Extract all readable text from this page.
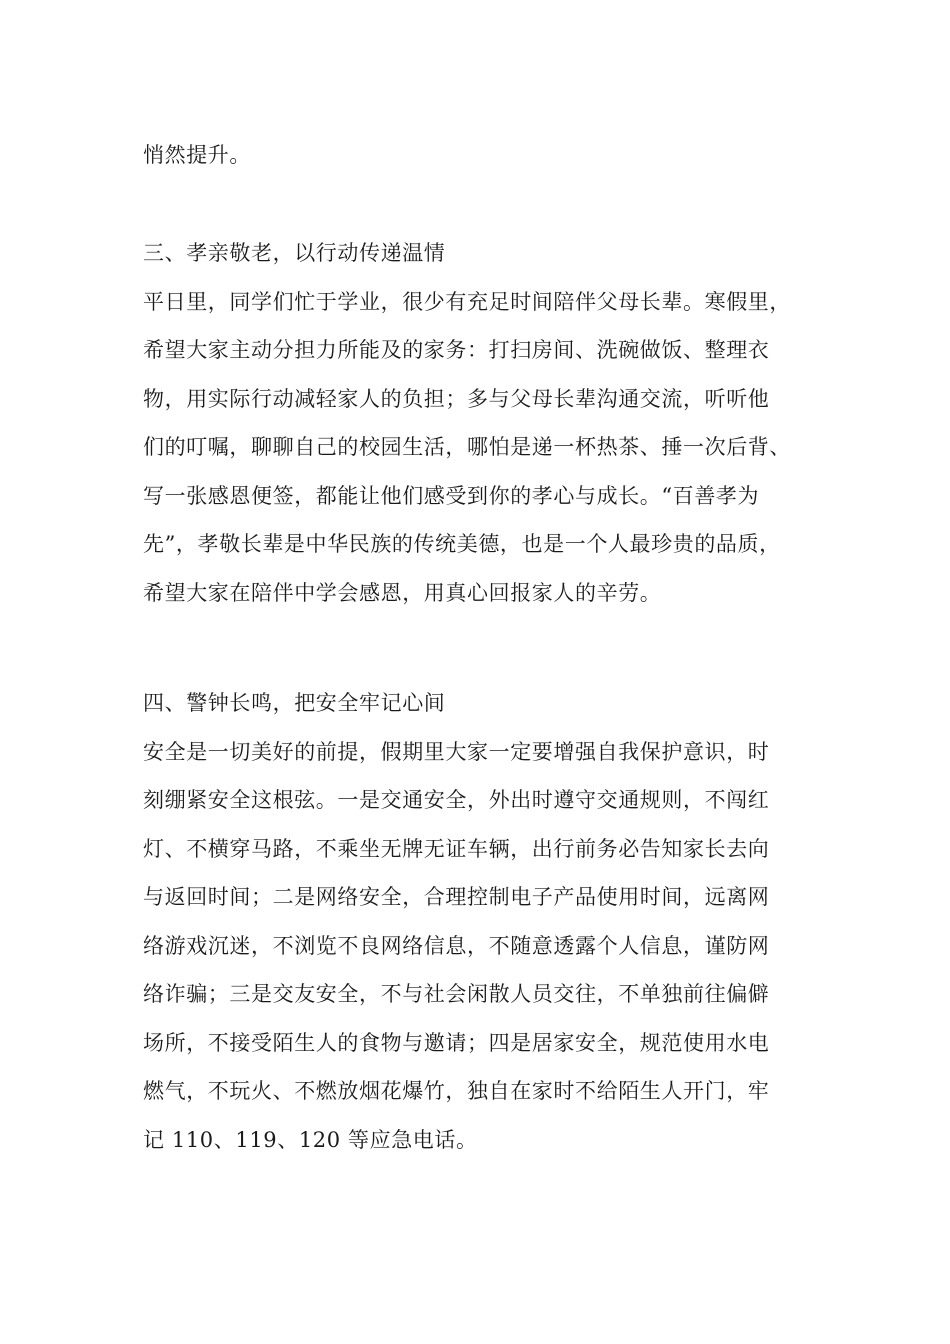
悄然提升。
三、孝亲敬老，以行动传递温情
平日里，同学们忙于学业，很少有充足时间陪伴父母长辈。寒假里，
希望大家主动分担力所能及的家务：打扫房间、洗碗做饭、整理衣
物，用实际行动减轻家人的负担；多与父母长辈沟通交流，听听他
们的叮嘱，聊聊自己的校园生活，哪怕是递一杯热茶、捶一次后背、
写一张感恩便签，都能让他们感受到你的孝心与成长。“百善孝为
先”，孝敬长辈是中华民族的传统美德，也是一个人最珍贵的品质，
希望大家在陪伴中学会感恩，用真心回报家人的辛劳。
四、警钟长鸣，把安全牢记心间
安全是一切美好的前提，假期里大家一定要增强自我保护意识，时
刻绷紧安全这根弦。一是交通安全，外出时遵守交通规则，不闯红
灯、不横穿马路，不乘坐无牌无证车辆，出行前务必告知家长去向
与返回时间；二是网络安全，合理控制电子产品使用时间，远离网
络游戏沉迷，不浏览不良网络信息，不随意透露个人信息，谨防网
络诈骗；三是交友安全，不与社会闲散人员交往，不单独前往偏僻
场所，不接受陌生人的食物与邀请；四是居家安全，规范使用水电
燃气，不玩火、不燃放烟花爆竹，独自在家时不给陌生人开门，牢
记 110、119、120 等应急电话。
